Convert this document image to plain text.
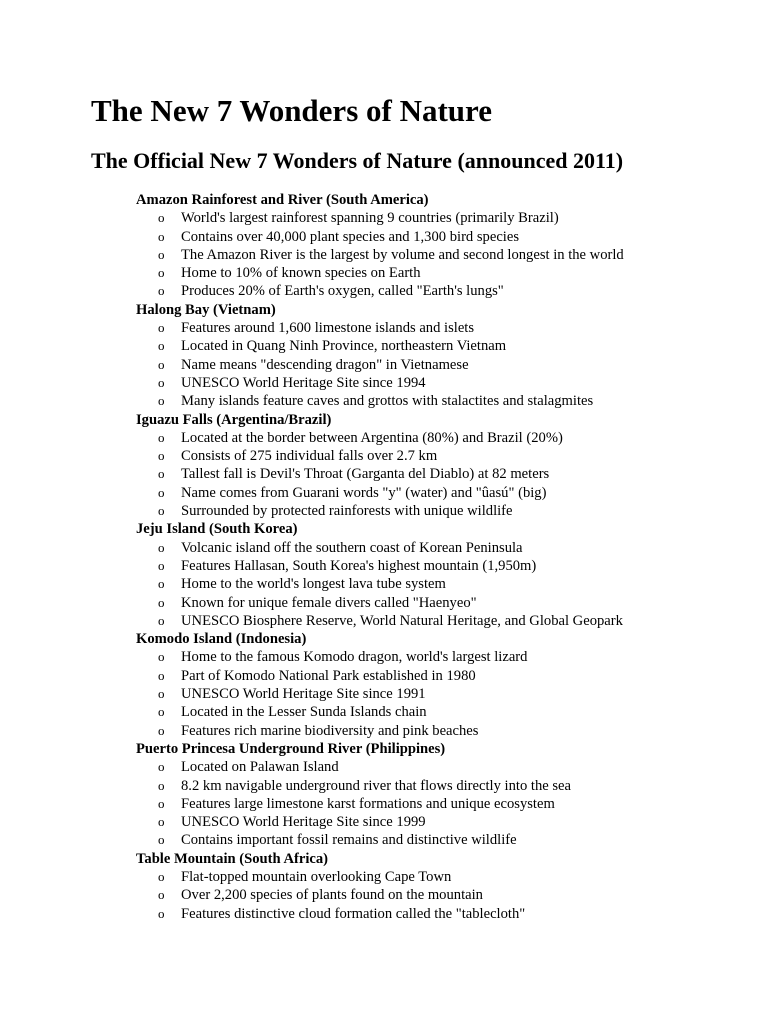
The New 7 Wonders of Nature
The Official New 7 Wonders of Nature (announced 2011)
Amazon Rainforest and River (South America)
o World's largest rainforest spanning 9 countries (primarily Brazil)
o Contains over 40,000 plant species and 1,300 bird species
o The Amazon River is the largest by volume and second longest in the world
o Home to 10% of known species on Earth
o Produces 20% of Earth's oxygen, called "Earth's lungs"
Halong Bay (Vietnam)
o Features around 1,600 limestone islands and islets
o Located in Quang Ninh Province, northeastern Vietnam
o Name means "descending dragon" in Vietnamese
o UNESCO World Heritage Site since 1994
o Many islands feature caves and grottos with stalactites and stalagmites
Iguazu Falls (Argentina/Brazil)
o Located at the border between Argentina (80%) and Brazil (20%)
o Consists of 275 individual falls over 2.7 km
o Tallest fall is Devil's Throat (Garganta del Diablo) at 82 meters
o Name comes from Guarani words "y" (water) and "ûasú" (big)
o Surrounded by protected rainforests with unique wildlife
Jeju Island (South Korea)
o Volcanic island off the southern coast of Korean Peninsula
o Features Hallasan, South Korea's highest mountain (1,950m)
o Home to the world's longest lava tube system
o Known for unique female divers called "Haenyeo"
o UNESCO Biosphere Reserve, World Natural Heritage, and Global Geopark
Komodo Island (Indonesia)
o Home to the famous Komodo dragon, world's largest lizard
o Part of Komodo National Park established in 1980
o UNESCO World Heritage Site since 1991
o Located in the Lesser Sunda Islands chain
o Features rich marine biodiversity and pink beaches
Puerto Princesa Underground River (Philippines)
o Located on Palawan Island
o 8.2 km navigable underground river that flows directly into the sea
o Features large limestone karst formations and unique ecosystem
o UNESCO World Heritage Site since 1999
o Contains important fossil remains and distinctive wildlife
Table Mountain (South Africa)
o Flat-topped mountain overlooking Cape Town
o Over 2,200 species of plants found on the mountain
o Features distinctive cloud formation called the "tablecloth"
